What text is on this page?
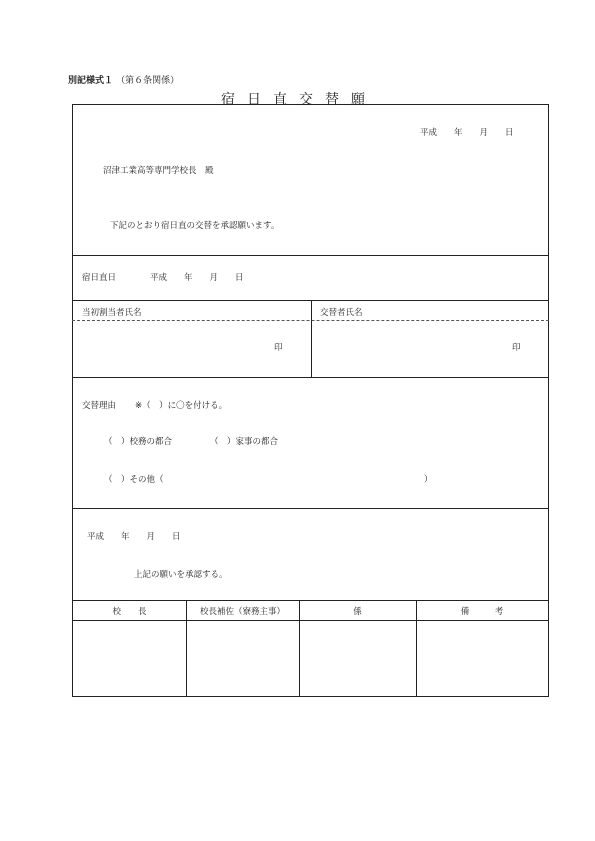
別記様式１ （第６条関係）
宿日直交替願
平成　　年　　月　　日
沼津工業高等専門学校長　殿
下記のとおり宿日直の交替を承認願います。
宿日直日	平成　　年　　月　　日
当初割当者氏名	交替者氏名
印	印
交替理由 ※（　）に〇を付ける。
（　）校務の都合	（　）家事の都合
（　）その他（	）
平成　　年　　月　　日
上記の願いを承認する。
校　　長	校長補佐（寮務主事）	係	備　　　考
